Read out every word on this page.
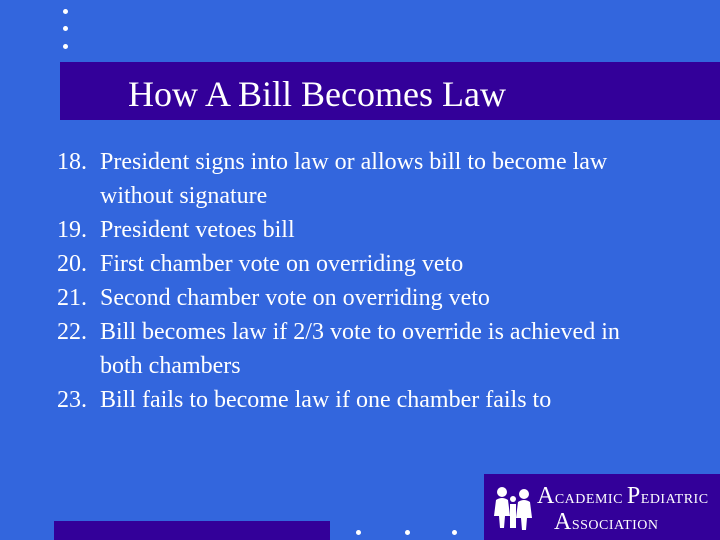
How A Bill Becomes Law
18. President signs into law or allows bill to become law
without signature
19. President vetoes bill
20. First chamber vote on overriding veto
21. Second chamber vote on overriding veto
22. Bill becomes law if 2/3 vote to override is achieved in
both chambers
23. Bill fails to become law if one chamber fails to
ACADEMIC PEDIATRIC
ASSOCIATION
